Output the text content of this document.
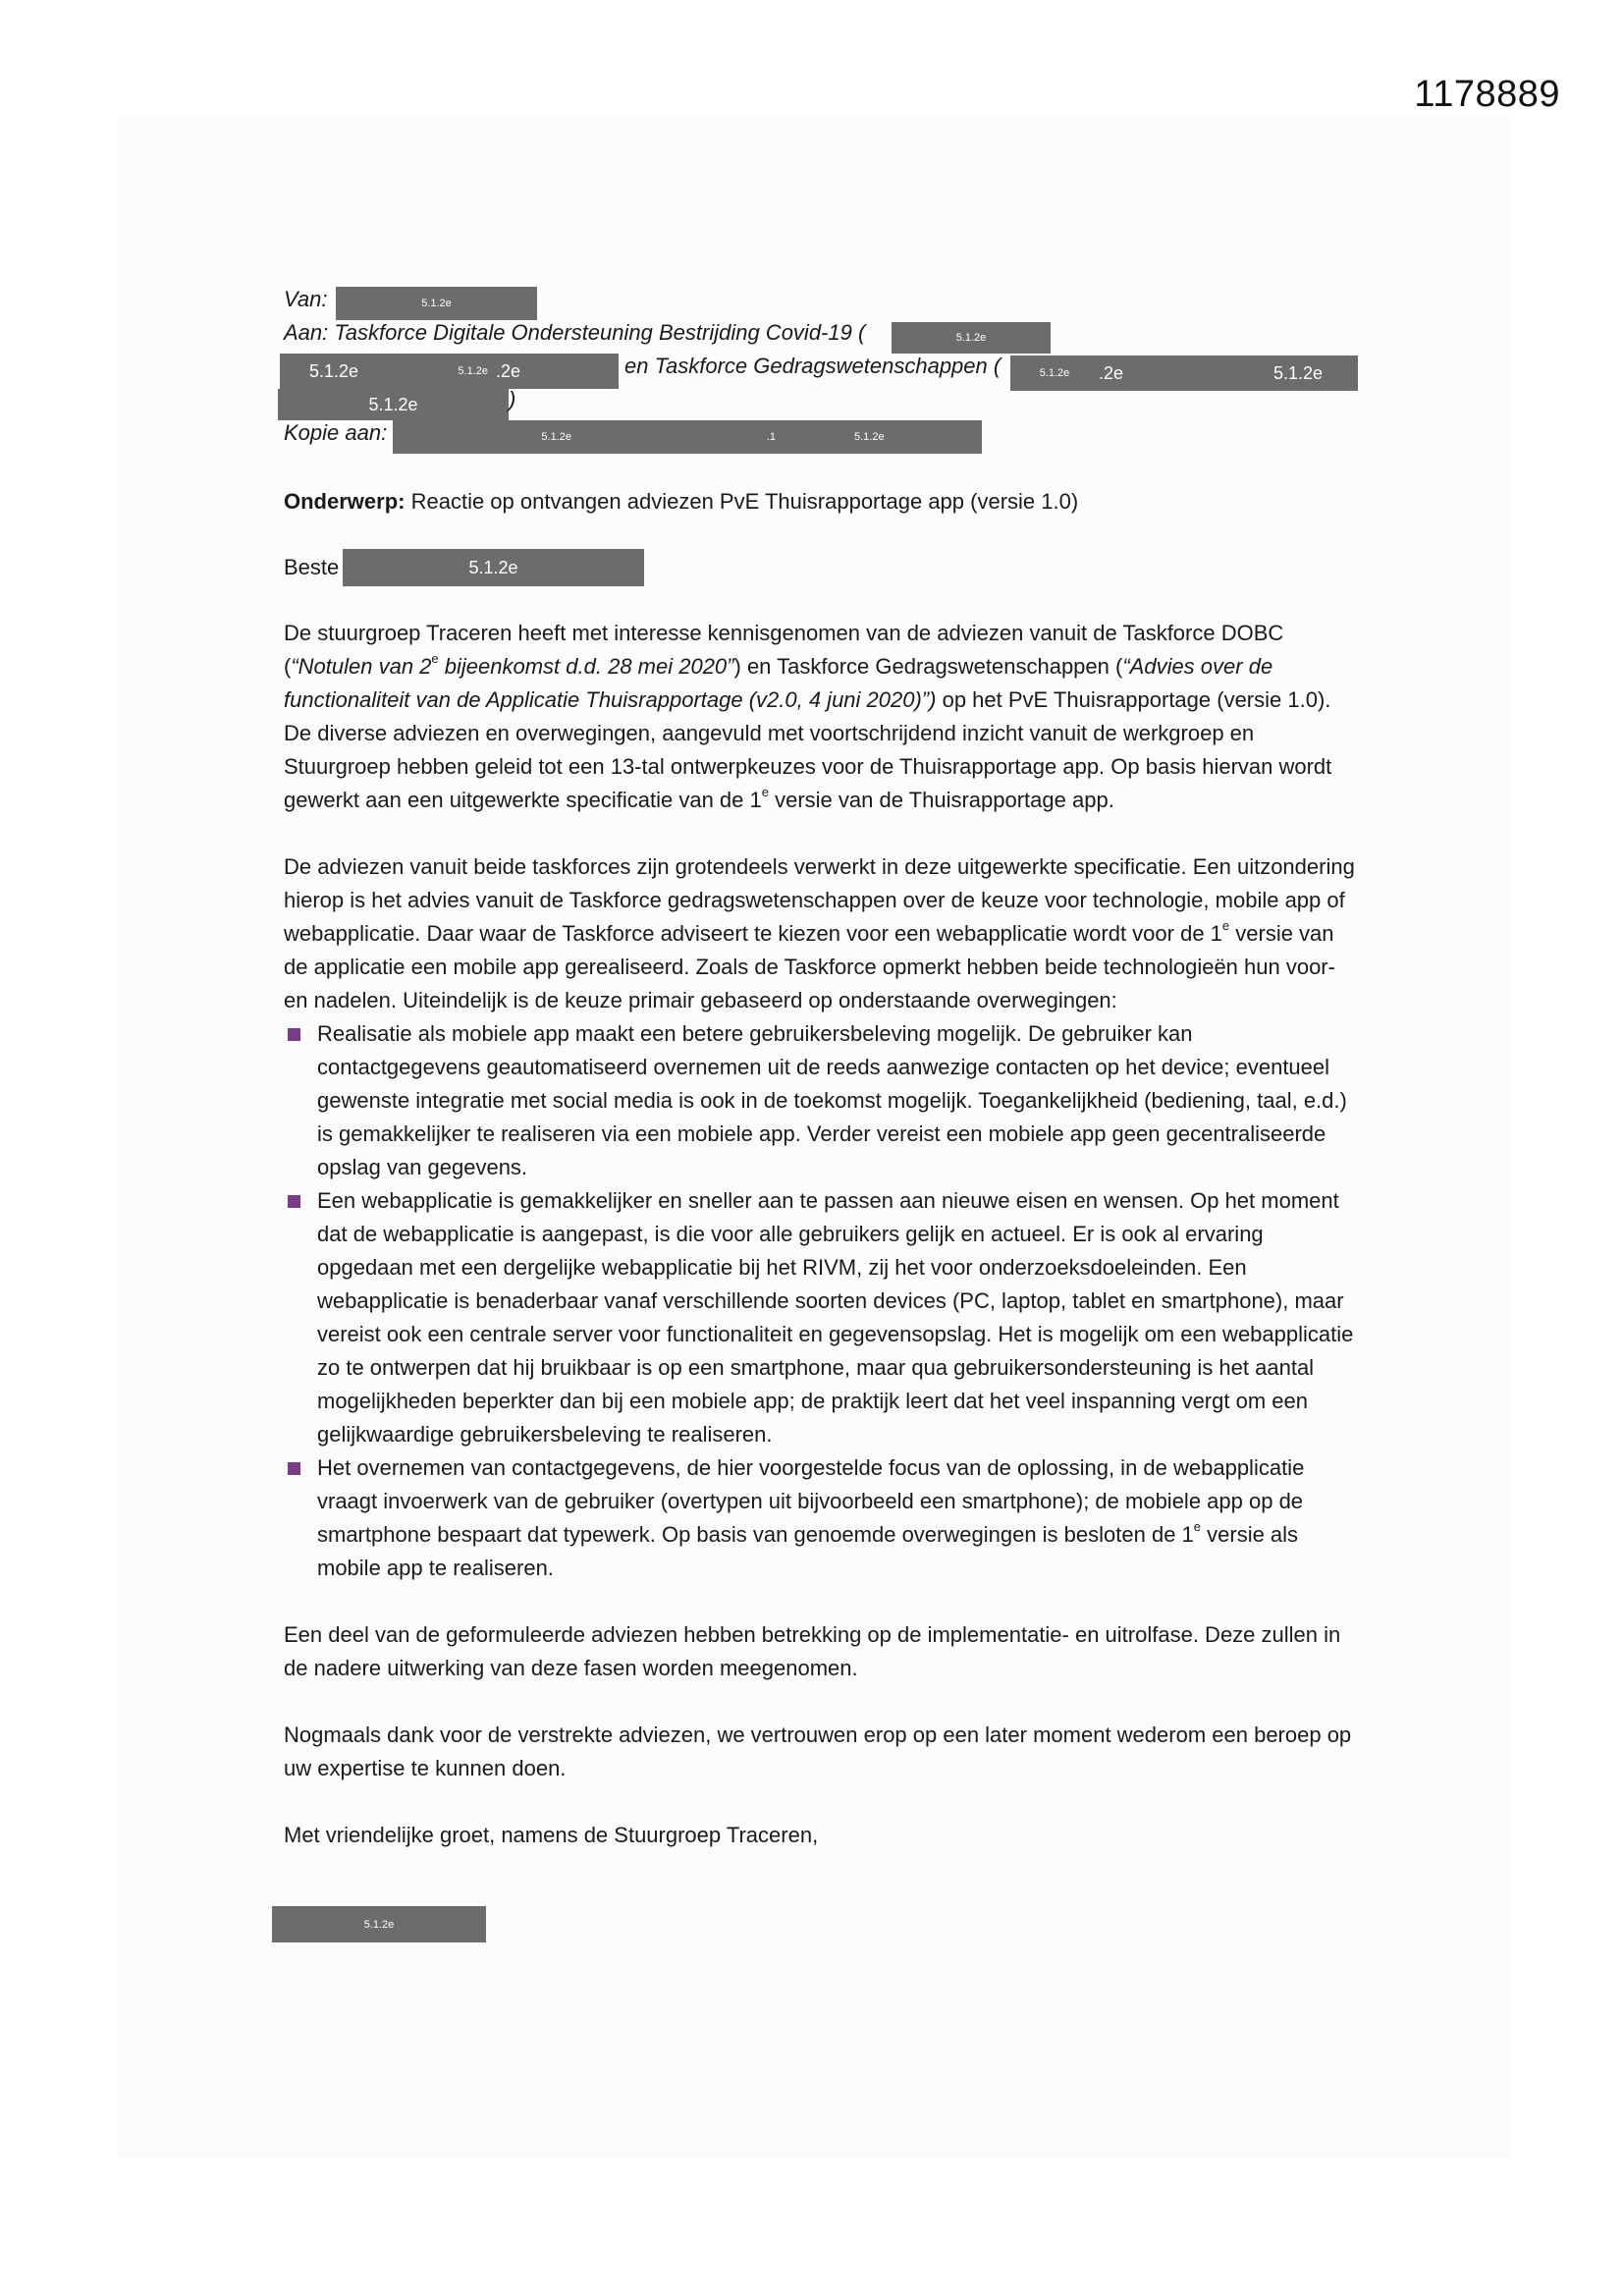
1178889
Van:	5.1.2e
Aan: Taskforce Digitale Ondersteuning Bestrijding Covid-19 (	5.1.2e
5.1.2e	5.1.2e .2e	en Taskforce Gedragswetenschappen (	5.1.2e	.2e	5.1.2e
5.1.2e	)
Kopie aan:	5.1.2e	.1	5.1.2e
Onderwerp: Reactie op ontvangen adviezen PvE Thuisrapportage app (versie 1.0)
Beste	5.1.2e

De stuurgroep Traceren heeft met interesse kennisgenomen van de adviezen vanuit de Taskforce DOBC (“Notulen van 2e bijeenkomst d.d. 28 mei 2020”) en Taskforce Gedragswetenschappen (“Advies over de functionaliteit van de Applicatie Thuisrapportage (v2.0, 4 juni 2020)”) op het PvE Thuisrapportage (versie 1.0). De diverse adviezen en overwegingen, aangevuld met voortschrijdend inzicht vanuit de werkgroep en Stuurgroep hebben geleid tot een 13-tal ontwerpkeuzes voor de Thuisrapportage app. Op basis hiervan wordt gewerkt aan een uitgewerkte specificatie van de 1e versie van de Thuisrapportage app.

De adviezen vanuit beide taskforces zijn grotendeels verwerkt in deze uitgewerkte specificatie. Een uitzondering hierop is het advies vanuit de Taskforce gedragswetenschappen over de keuze voor technologie, mobile app of webapplicatie. Daar waar de Taskforce adviseert te kiezen voor een webapplicatie wordt voor de 1e versie van de applicatie een mobile app gerealiseerd. Zoals de Taskforce opmerkt hebben beide technologieën hun voor- en nadelen. Uiteindelijk is de keuze primair gebaseerd op onderstaande overwegingen:

Realisatie als mobiele app maakt een betere gebruikersbeleving mogelijk. De gebruiker kan contactgegevens geautomatiseerd overnemen uit de reeds aanwezige contacten op het device; eventueel gewenste integratie met social media is ook in de toekomst mogelijk. Toegankelijkheid (bediening, taal, e.d.) is gemakkelijker te realiseren via een mobiele app. Verder vereist een mobiele app geen gecentraliseerde opslag van gegevens.
Een webapplicatie is gemakkelijker en sneller aan te passen aan nieuwe eisen en wensen. Op het moment dat de webapplicatie is aangepast, is die voor alle gebruikers gelijk en actueel. Er is ook al ervaring opgedaan met een dergelijke webapplicatie bij het RIVM, zij het voor onderzoeksdoeleinden. Een webapplicatie is benaderbaar vanaf verschillende soorten devices (PC, laptop, tablet en smartphone), maar vereist ook een centrale server voor functionaliteit en gegevensopslag. Het is mogelijk om een webapplicatie zo te ontwerpen dat hij bruikbaar is op een smartphone, maar qua gebruikersondersteuning is het aantal mogelijkheden beperkter dan bij een mobiele app; de praktijk leert dat het veel inspanning vergt om een gelijkwaardige gebruikersbeleving te realiseren.
Het overnemen van contactgegevens, de hier voorgestelde focus van de oplossing, in de webapplicatie vraagt invoerwerk van de gebruiker (overtypen uit bijvoorbeeld een smartphone); de mobiele app op de smartphone bespaart dat typewerk. Op basis van genoemde overwegingen is besloten de 1e versie als mobile app te realiseren.

Een deel van de geformuleerde adviezen hebben betrekking op de implementatie- en uitrolfase. Deze zullen in de nadere uitwerking van deze fasen worden meegenomen.

Nogmaals dank voor de verstrekte adviezen, we vertrouwen erop op een later moment wederom een beroep op uw expertise te kunnen doen.

Met vriendelijke groet, namens de Stuurgroep Traceren,

5.1.2e
